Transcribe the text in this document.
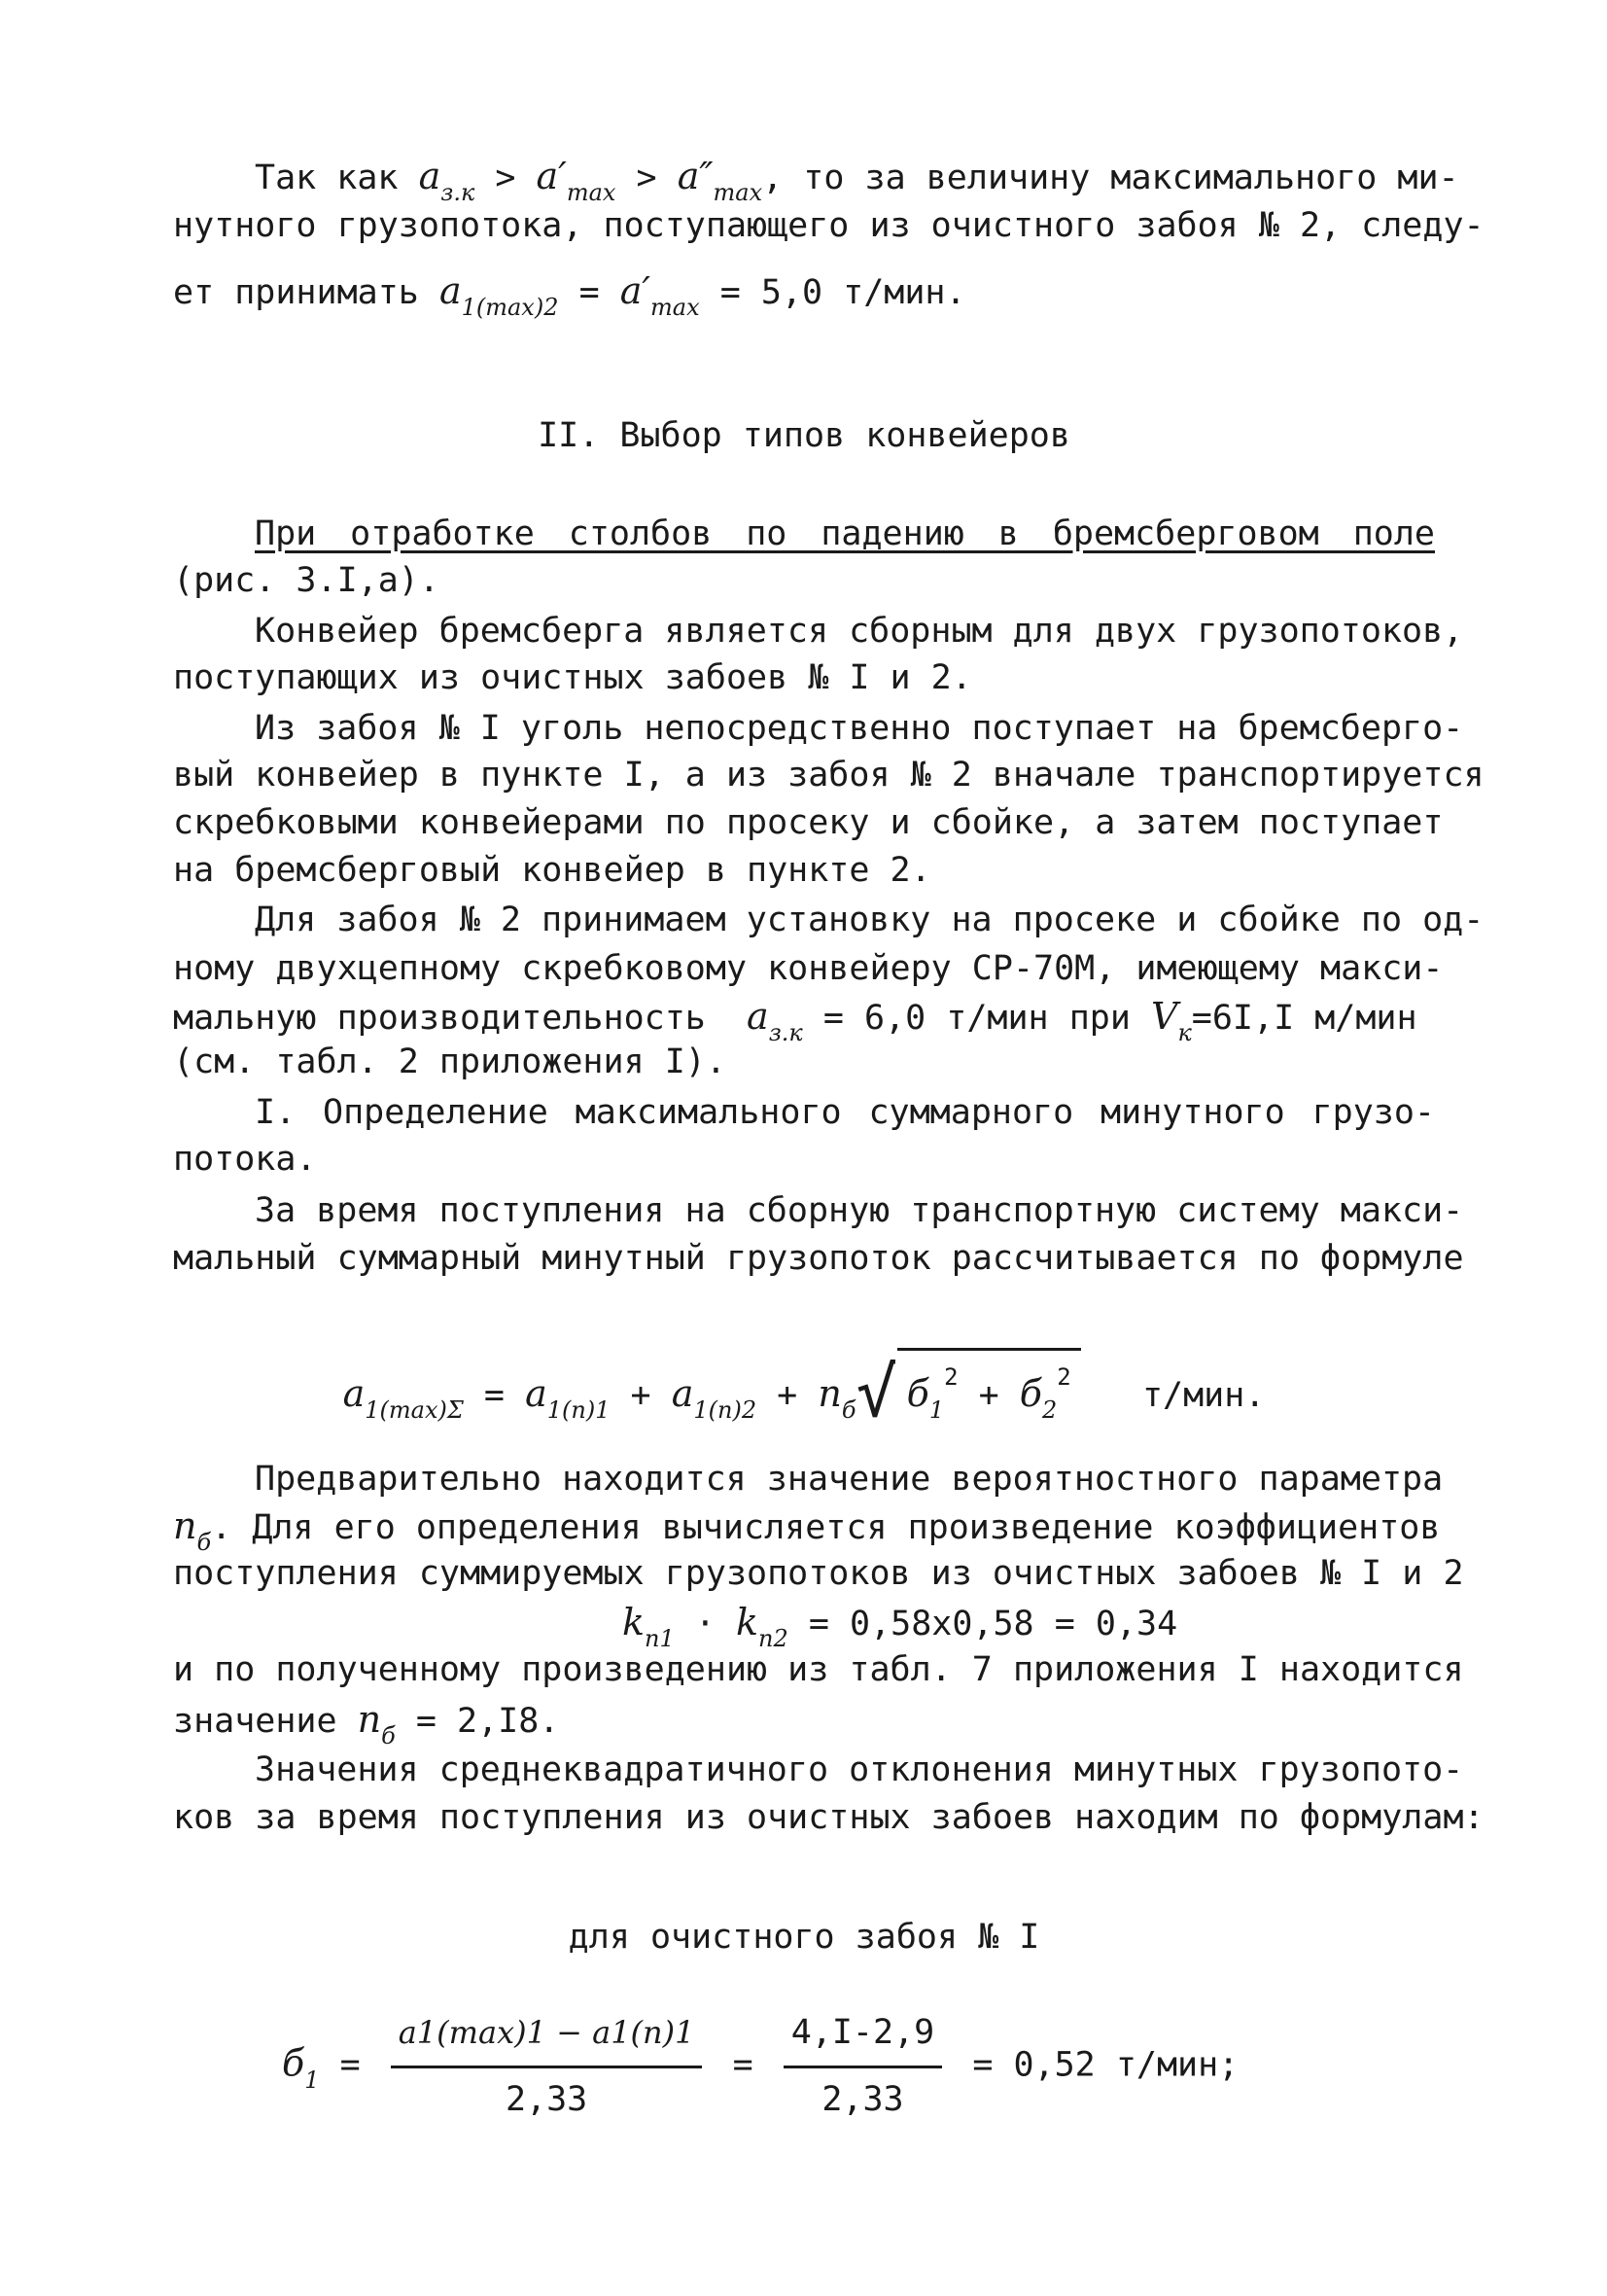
Так как $a_{з.к} > a'_{max} > a''_{max}$, то за величину максимального ми-
нутного грузопотока, поступающего из очистного забоя № 2, следу-
ет принимать $a_{1(max)2} = a'_{max} = 5,0$ т/мин.
II. Выбор типов конвейеров
При отработке столбов по падению в бремсберговом поле
(рис. 3.I,а).
Конвейер бремсберга является сборным для двух грузопотоков,
поступающих из очистных забоев № I и 2.
Из забоя № I уголь непосредственно поступает на бремсберго-
вый конвейер в пункте I, а из забоя № 2 вначале транспортируется
скребковыми конвейерами по просеку и сбойке, а затем поступает
на бремсберговый конвейер в пункте 2.
Для забоя № 2 принимаем установку на просеке и сбойке по од-
ному двухцепному скребковому конвейеру СР-70М, имеющему макси-
мальную производительность $a_{з.к} = 6,0$ т/мин при $V_к=6I,I$ м/мин
(см. табл. 2 приложения I).
I. Определение максимального суммарного минутного грузо-
потока.
За время поступления на сборную транспортную систему макси-
мальный суммарный минутный грузопоток рассчитывается по формуле
$a_{1(max)\Sigma} = a_{1(п)1} + a_{1(п)2} + n_б√$ $б_1^2 + б_2^2$ т/мин.
Предварительно находится значение вероятностного параметра
$n_б$. Для его определения вычисляется произведение коэффициентов
поступления суммируемых грузопотоков из очистных забоев № I и 2
$k_{п1} \cdot k_{п2} = 0,58х0,58 = 0,34$
и по полученному произведению из табл. 7 приложения I находится
значение $n_б = 2,I8$.
Значения среднеквадратичного отклонения минутных грузопото-
ков за время поступления из очистных забоев находим по формулам:
для очистного забоя № I
$б_1 = \frac{a1(\max)1 - a1(п)1}{2,33} = \frac{4,I-2,9}{2,33} = 0,52$ т/мин;
